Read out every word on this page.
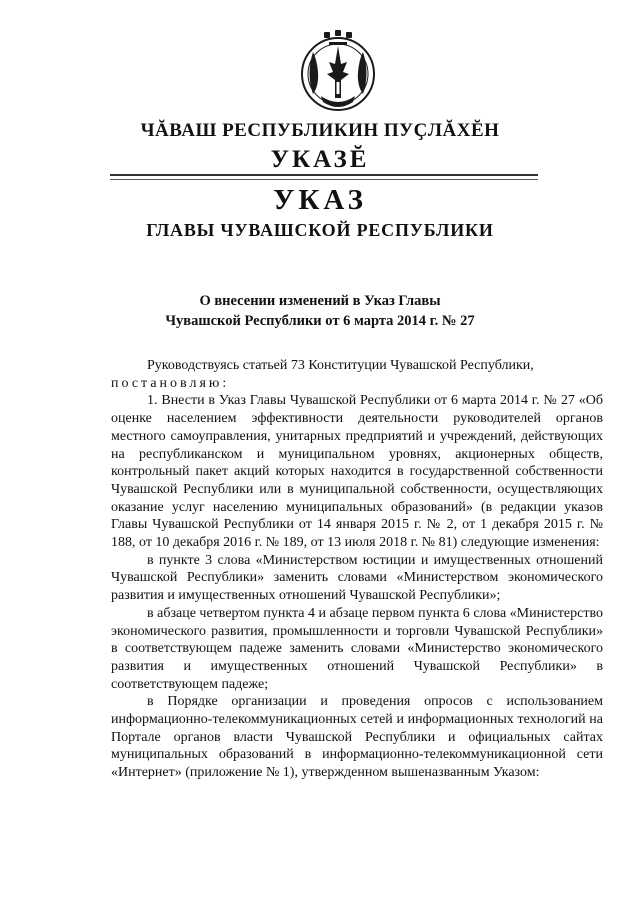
ЧĂВАШ РЕСПУБЛИКИН ПУҪЛĂХĔН
УКАЗĔ
УКАЗ
ГЛАВЫ ЧУВАШСКОЙ РЕСПУБЛИКИ
О внесении изменений в Указ Главы
Чувашской Республики от 6 марта 2014 г. № 27

Руководствуясь статьей 73 Конституции Чувашской Республики,

постановляю:

1. Внести в Указ Главы Чувашской Республики от 6 марта 2014 г. № 27 «Об оценке населением эффективности деятельности руководителей органов местного самоуправления, унитарных предприятий и учреждений, действующих на республиканском и муниципальном уровнях, акционерных обществ, контрольный пакет акций которых находится в государственной собственности Чувашской Республики или в муниципальной собственности, осуществляющих оказание услуг населению муниципальных образований» (в редакции указов Главы Чувашской Республики от 14 января 2015 г. № 2, от 1 декабря 2015 г. № 188, от 10 декабря 2016 г. № 189, от 13 июля 2018 г. № 81) следующие изменения:

в пункте 3 слова «Министерством юстиции и имущественных отношений Чувашской Республики» заменить словами «Министерством экономического развития и имущественных отношений Чувашской Республики»;

в абзаце четвертом пункта 4 и абзаце первом пункта 6 слова «Министерство экономического развития, промышленности и торговли Чувашской Республики» в соответствующем падеже заменить словами «Министерство экономического развития и имущественных отношений Чувашской Республики» в соответствующем падеже;

в Порядке организации и проведения опросов с использованием информационно-телекоммуникационных сетей и информационных технологий на Портале органов власти Чувашской Республики и официальных сайтах муниципальных образований в информационно-телекоммуникационной сети «Интернет» (приложение № 1), утвержденном вышеназванным Указом:
